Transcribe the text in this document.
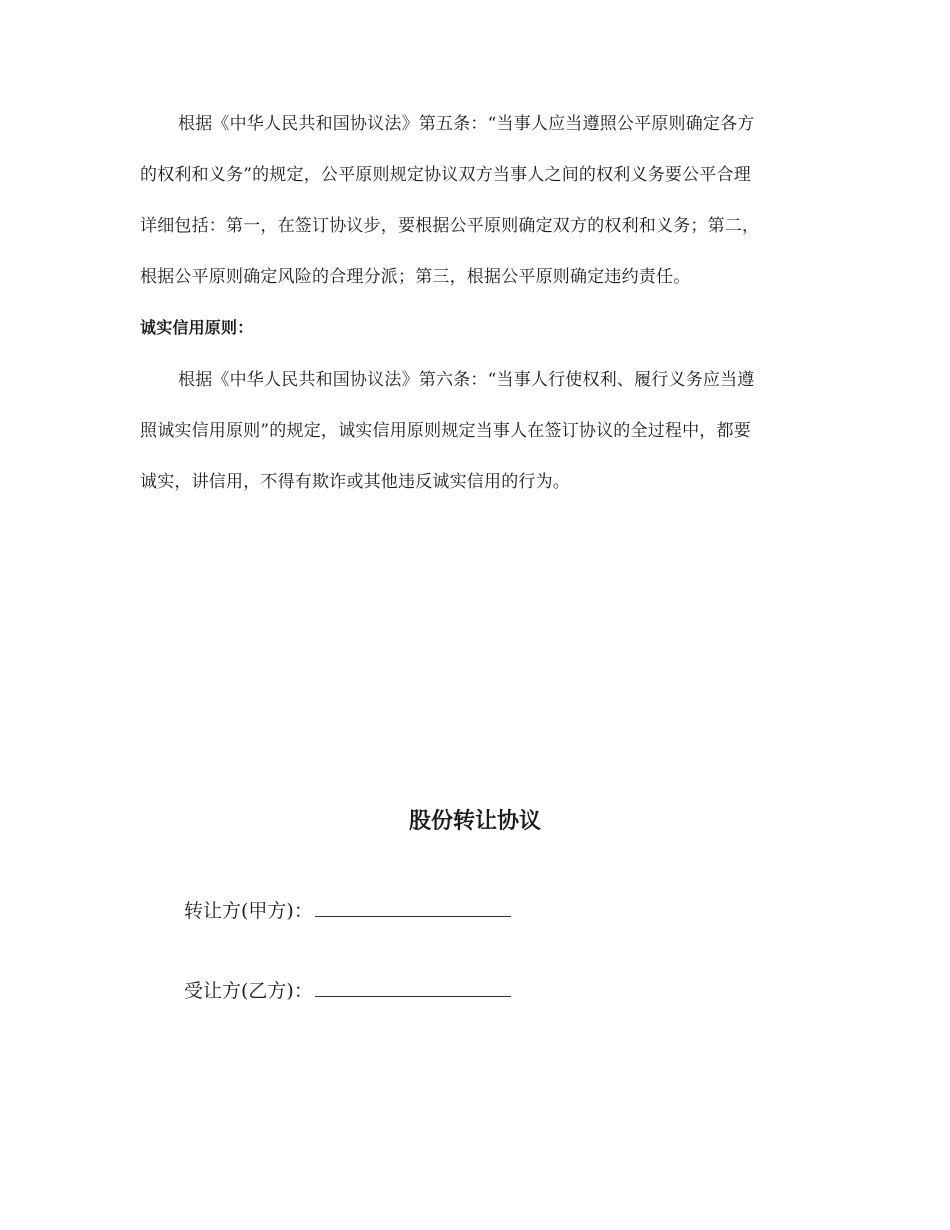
根据《中华人民共和国协议法》第五条：“当事人应当遵照公平原则确定各方
的权利和义务”的规定，公平原则规定协议双方当事人之间的权利义务要公平合理
详细包括：第一，在签订协议步，要根据公平原则确定双方的权利和义务；第二，
根据公平原则确定风险的合理分派；第三，根据公平原则确定违约责任。
诚实信用原则：
根据《中华人民共和国协议法》第六条：“当事人行使权利、履行义务应当遵
照诚实信用原则”的规定，诚实信用原则规定当事人在签订协议的全过程中，都要
诚实，讲信用，不得有欺诈或其他违反诚实信用的行为。
股份转让协议
转让方(甲方)：
受让方(乙方)：
